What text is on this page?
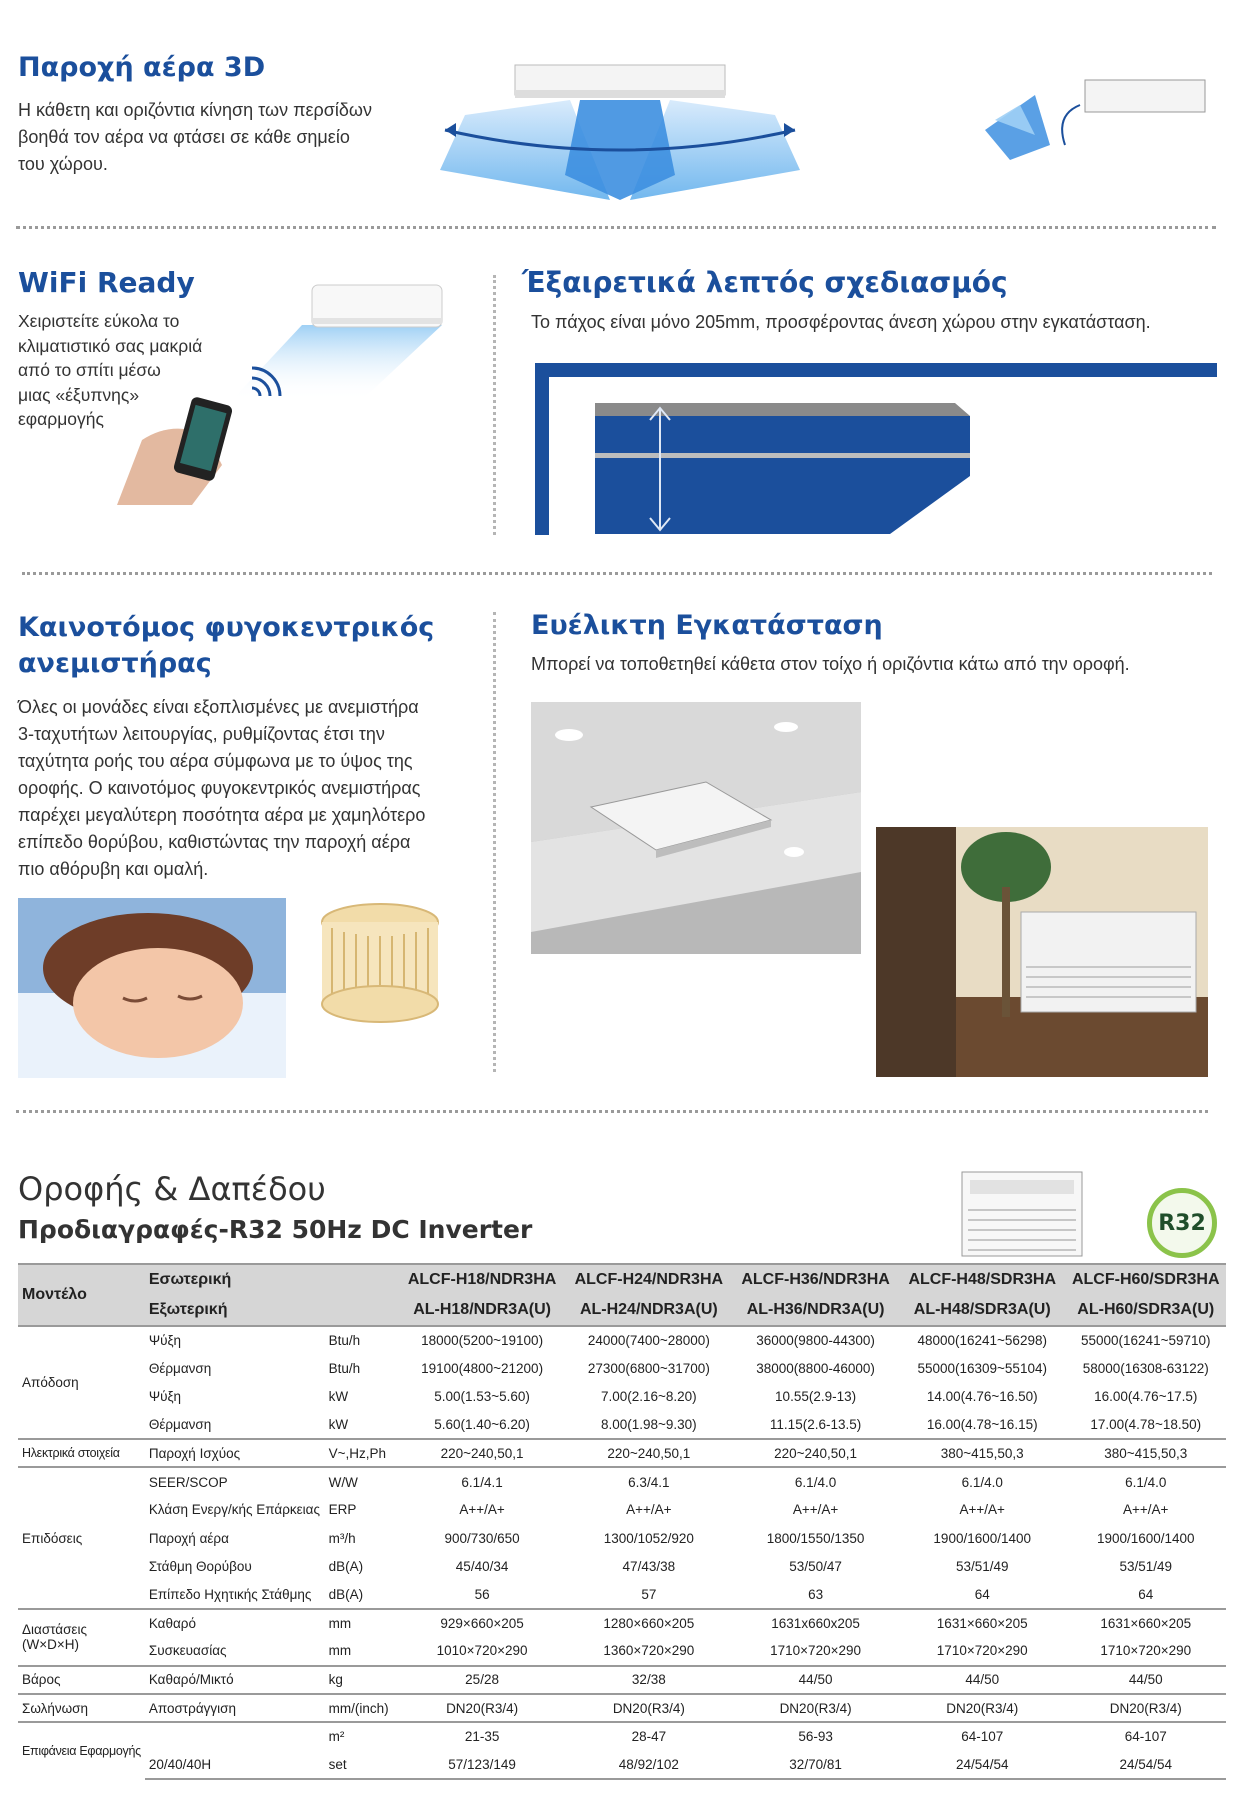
Παροχή αέρα 3D
Η κάθετη και οριζόντια κίνηση των περσίδων
βοηθά τον αέρα να φτάσει σε κάθε σημείο
του χώρου.
WiFi Ready
Χειριστείτε εύκολα το
κλιματιστικό σας μακριά
από το σπίτι μέσω
μιας «έξυπνης»
εφαρμογής
Έξαιρετικά λεπτός σχεδιασμός
Το πάχος είναι μόνο 205mm, προσφέροντας άνεση χώρου στην εγκατάσταση.
Καινοτόμος φυγοκεντρικός
ανεμιστήρας
Όλες οι μονάδες είναι εξοπλισμένες με ανεμιστήρα
3-ταχυτήτων λειτουργίας, ρυθμίζοντας έτσι την
ταχύτητα ροής του αέρα σύμφωνα με το ύψος της
οροφής. Ο καινοτόμος φυγοκεντρικός ανεμιστήρας
παρέχει μεγαλύτερη ποσότητα αέρα με χαμηλότερο
επίπεδο θορύβου, καθιστώντας την παροχή αέρα
πιο αθόρυβη και ομαλή.
Ευέλικτη Εγκατάσταση
Μπορεί να τοποθετηθεί κάθετα στον τοίχο ή οριζόντια κάτω από την οροφή.
Οροφής & Δαπέδου
Προδιαγραφές-R32 50Hz DC Inverter	R32
Μοντέλο	Εσωτερική		ALCF-H18/NDR3HA	ALCF-H24/NDR3HA	ALCF-H36/NDR3HA	ALCF-H48/SDR3HA	ALCF-H60/SDR3HA
	Εξωτερική		AL-H18/NDR3A(U)	AL-H24/NDR3A(U)	AL-H36/NDR3A(U)	AL-H48/SDR3A(U)	AL-H60/SDR3A(U)
Απόδοση	Ψύξη	Btu/h	18000(5200~19100)	24000(7400~28000)	36000(9800-44300)	48000(16241~56298)	55000(16241~59710)
	Θέρμανση	Btu/h	19100(4800~21200)	27300(6800~31700)	38000(8800-46000)	55000(16309~55104)	58000(16308-63122)
	Ψύξη	kW	5.00(1.53~5.60)	7.00(2.16~8.20)	10.55(2.9-13)	14.00(4.76~16.50)	16.00(4.76~17.5)
	Θέρμανση	kW	5.60(1.40~6.20)	8.00(1.98~9.30)	11.15(2.6-13.5)	16.00(4.78~16.15)	17.00(4.78~18.50)
Ηλεκτρικά στοιχεία	Παροχή Ισχύος	V~,Hz,Ph	220~240,50,1	220~240,50,1	220~240,50,1	380~415,50,3	380~415,50,3
Επιδόσεις	SEER/SCOP	W/W	6.1/4.1	6.3/4.1	6.1/4.0	6.1/4.0	6.1/4.0
	Κλάση Ενεργ/κής Επάρκειας	ERP	A++/A+	A++/A+	A++/A+	A++/A+	A++/A+
	Παροχή αέρα	m³/h	900/730/650	1300/1052/920	1800/1550/1350	1900/1600/1400	1900/1600/1400
	Στάθμη Θορύβου	dB(A)	45/40/34	47/43/38	53/50/47	53/51/49	53/51/49
	Επίπεδο Ηχητικής Στάθμης	dB(A)	56	57	63	64	64
Διαστάσεις (W×D×H)	Καθαρό	mm	929×660×205	1280×660×205	1631x660x205	1631×660×205	1631×660×205
	Συσκευασίας	mm	1010×720×290	1360×720×290	1710×720×290	1710×720×290	1710×720×290
Βάρος	Καθαρό/Μικτό	kg	25/28	32/38	44/50	44/50	44/50
Σωλήνωση	Αποστράγγιση	mm/(inch)	DN20(R3/4)	DN20(R3/4)	DN20(R3/4)	DN20(R3/4)	DN20(R3/4)
Επιφάνεια Εφαρμογής		m²	21-35	28-47	56-93	64-107	64-107
	20/40/40H	set	57/123/149	48/92/102	32/70/81	24/54/54	24/54/54
